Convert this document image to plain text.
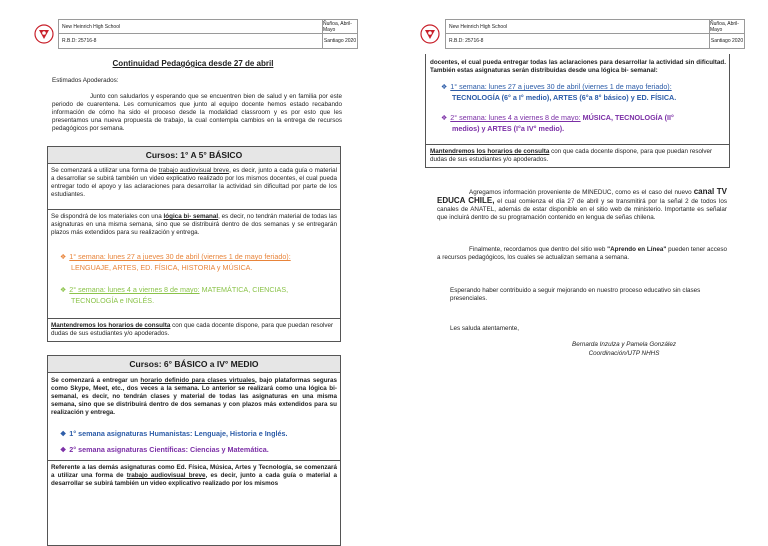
New Heinrich High School
R.B.D: 25716-8
Ñuñoa, Abril-Mayo
Santiago 2020
Continuidad Pedagógica desde 27 de abril
Estimados Apoderados:
Junto con saludarlos y esperando que se encuentren bien de salud y en familia por este periodo de cuarentena. Les comunicamos que junto al equipo docente hemos estado recabando información de cómo ha sido el proceso desde la modalidad classroom y es por esto que les presentamos una nueva propuesta de trabajo, la cual contempla cambios en la entrega de recursos pedagógicos por semana.
Cursos: 1° A 5° BÁSICO
Se comenzará a utilizar una forma de trabajo audiovisual breve, es decir, junto a cada guía o material a desarrollar se subirá también un video explicativo realizado por los mismos docentes, el cual pueda entregar todo el apoyo y las aclaraciones para desarrollar la actividad sin dificultad por parte de los estudiantes.
Se dispondrá de los materiales con una lógica bi- semanal, es decir, no tendrán material de todas las asignaturas en una misma semana, sino que se distribuirá dentro de dos semanas y se entregarán plazos más extendidos para su realización y entrega.
❖ 1° semana: lunes 27 a jueves 30 de abril (viernes 1 de mayo feriado):
LENGUAJE, ARTES, ED. FÍSICA, HISTORIA y MÚSICA.
❖ 2° semana: lunes 4 a viernes 8 de mayo: MATEMÁTICA, CIENCIAS,
TECNOLOGÍA e INGLÉS.
Mantendremos los horarios de consulta con que cada docente dispone, para que puedan resolver dudas de sus estudiantes y/o apoderados.
Cursos: 6° BÁSICO a IV° MEDIO
Se comenzará a entregar un horario definido para clases virtuales, bajo plataformas seguras como Skype, Meet, etc., dos veces a la semana. Lo anterior se realizará como una lógica bi- semanal, es decir, no tendrán clases y material de todas las asignaturas en una misma semana, sino que se distribuirá dentro de dos semanas y con plazos más extendidos para su realización y entrega.
❖ 1° semana asignaturas Humanistas: Lenguaje, Historia e Inglés.
❖ 2° semana asignaturas Científicas: Ciencias y Matemática.
Referente a las demás asignaturas como Ed. Física, Música, Artes y Tecnología, se comenzará a utilizar una forma de trabajo audiovisual breve, es decir, junto a cada guía o material a desarrollar se subirá también un video explicativo realizado por los mismos
New Heinrich High School
R.B.D: 25716-8
Ñuñoa, Abril-Mayo
Santiago 2020
docentes, el cual pueda entregar todas las aclaraciones para desarrollar la actividad sin dificultad. También estas asignaturas serán distribuidas desde una lógica bi- semanal:
❖ 1° semana: lunes 27 a jueves 30 de abril (viernes 1 de mayo feriado):
TECNOLOGÍA (6° a I° medio), ARTES (6°a 8° básico) y ED. FÍSICA.
❖ 2° semana: lunes 4 a viernes 8 de mayo: MÚSICA, TECNOLOGÍA (II°
medios) y ARTES (I°a IV° medio).
Mantendremos los horarios de consulta con que cada docente dispone, para que puedan resolver dudas de sus estudiantes y/o apoderados.
Agregamos información proveniente de MINEDUC, como es el caso del nuevo canal TV EDUCA CHILE, el cual comienza el día 27 de abril y se transmitirá por la señal 2 de todos los canales de ANATEL, además de estar disponible en el sitio web de ministerio. Importante es señalar que incluirá dentro de su programación contenido en lengua de señas chilena.
Finalmente, recordamos que dentro del sitio web "Aprendo en Línea" pueden tener acceso a recursos pedagógicos, los cuales se actualizan semana a semana.
Esperando haber contribuido a seguir mejorando en nuestro proceso educativo sin clases presenciales.
Les saluda atentamente,
Bernarda Inzulza y Pamela González
Coordinación/UTP NHHS
